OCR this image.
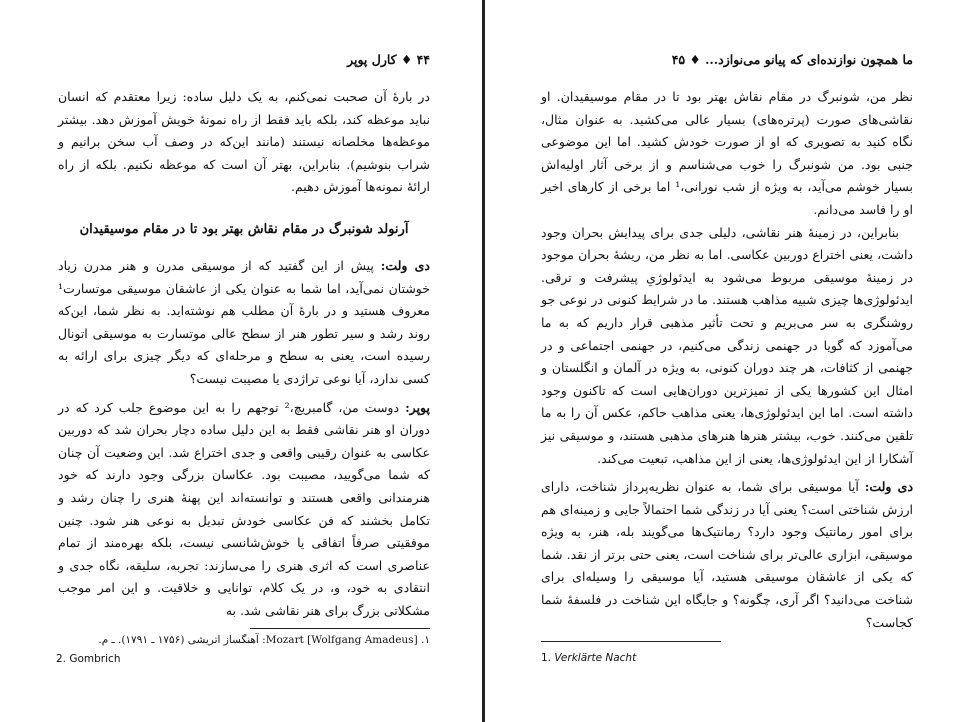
۴۴ ♦ کارل پوپر

در بارهٔ آن صحبت نمی‌کنم، به یک دلیل ساده: زیرا معتقدم که انسان نباید موعظه کند، بلکه باید فقط از راه نمونهٔ خویش آموزش دهد. بیشتر موعظه‌ها مخلصانه نیستند (مانند این‌که در وصف آب سخن برانیم و شراب بنوشیم). بنابراین، بهتر آن است که موعظه نکنیم. بلکه از راه ارائهٔ نمونه‌ها آموزش دهیم.

آرنولد شونبرگ در مقام نقاش بهتر بود تا در مقام موسیقیدان

دی ولت: پیش از این گفتید که از موسیقی مدرن و هنر مدرن زیاد خوشتان نمی‌آید، اما شما به عنوان یکی از عاشقان موسیقی موتسارت¹ معروف هستید و در بارهٔ آن مطلب هم نوشته‌اید. به نظر شما، این‌که روند رشد و سیر تطور هنر از سطح عالی موتسارت به موسیقی اتونال رسیده است، یعنی به سطح و مرحله‌ای که دیگر چیزی برای ارائه به کسی ندارد، آیا نوعی تراژدی یا مصیبت نیست؟

پوپر: دوست من، گامبریچ،² توجهم را به این موضوع جلب کرد که در دوران او هنر نقاشی فقط به این دلیل ساده دچار بحران شد که دوربین عکاسی به عنوان رقیبی واقعی و جدی اختراع شد. این وضعیت آن چنان که شما می‌گویید، مصیبت بود. عکاسان بزرگی وجود دارند که خود هنرمندانی واقعی هستند و توانسته‌اند این پهنهٔ هنری را چنان رشد و تکامل بخشند که فن عکاسی خودش تبدیل به نوعی هنر شود. چنین موفقیتی صرفاً اتفاقی یا خوش‌شانسی نیست، بلکه بهره‌مند از تمام عناصری است که اثری هنری را می‌سازند: تجربه، سلیقه، نگاه جدی و انتقادی به خود، و، در یک کلام، توانایی و خلاقیت. و این امر موجب مشکلاتی بزرگ برای هنر نقاشی شد. به

۱. Mozart [Wolfgang Amadeus]: آهنگساز اتریشی (۱۷۵۶ ـ ۱۷۹۱). ـ م.
2. Gombrich
ما همچون نوازنده‌ای که پیانو می‌نوازد... ♦ ۴۵

نظر من، شونبرگ در مقام نقاش بهتر بود تا در مقام موسیقیدان. او نقاشی‌های صورت (پرتره‌های) بسیار عالی می‌کشید. به عنوان مثال، نگاه کنید به تصویری که او از صورت خودش کشید. اما این موضوعی جنبی بود. من شونبرگ را خوب می‌شناسم و از برخی آثار اولیه‌اش بسیار خوشم می‌آید، به ویژه از شب نورانی،¹ اما برخی از کارهای اخیر او را فاسد می‌دانم.

بنابراین، در زمینهٔ هنر نقاشی، دلیلی جدی برای پیدایش بحران وجود داشت، یعنی اختراع دوربین عکاسی. اما به نظر من، ریشهٔ بحران موجود در زمینهٔ موسیقی مربوط می‌شود به ایدئولوژیِ پیشرفت و ترقی. ایدئولوژی‌ها چیزی شبیه مذاهب هستند. ما در شرایط کنونی در نوعی جو روشنگری به سر می‌بریم و تحت تأثیر مذهبی قرار داریم که به ما می‌آموزد که گویا در جهنمی زندگی می‌کنیم، در جهنمی اجتماعی و در جهنمی از کثافات، هر چند دوران کنونی، به ویژه در آلمان و انگلستان و امثال این کشورها یکی از تمیزترین دوران‌هایی است که تاکنون وجود داشته است. اما این ایدئولوژی‌ها، یعنی مذاهب حاکم، عکس آن را به ما تلقین می‌کنند. خوب، بیشتر هنرها هنرهای مذهبی هستند، و موسیقی نیز آشکارا از این ایدئولوژی‌ها، یعنی از این مذاهب، تبعیت می‌کند.

دی ولت: آیا موسیقی برای شما، به عنوان نظریه‌پرداز شناخت، دارای ارزش شناختی است؟ یعنی آیا در زندگی شما احتمالاً جایی و زمینه‌ای هم برای امور رمانتیک وجود دارد؟ رمانتیک‌ها می‌گویند بله، هنر، به ویژه موسیقی، ابزاری عالی‌تر برای شناخت است، یعنی حتی برتر از نقد. شما که یکی از عاشقان موسیقی هستید، آیا موسیقی را وسیله‌ای برای شناخت می‌دانید؟ اگر آری، چگونه؟ و جایگاه این شناخت در فلسفهٔ شما کجاست؟

1. Verklärte Nacht
